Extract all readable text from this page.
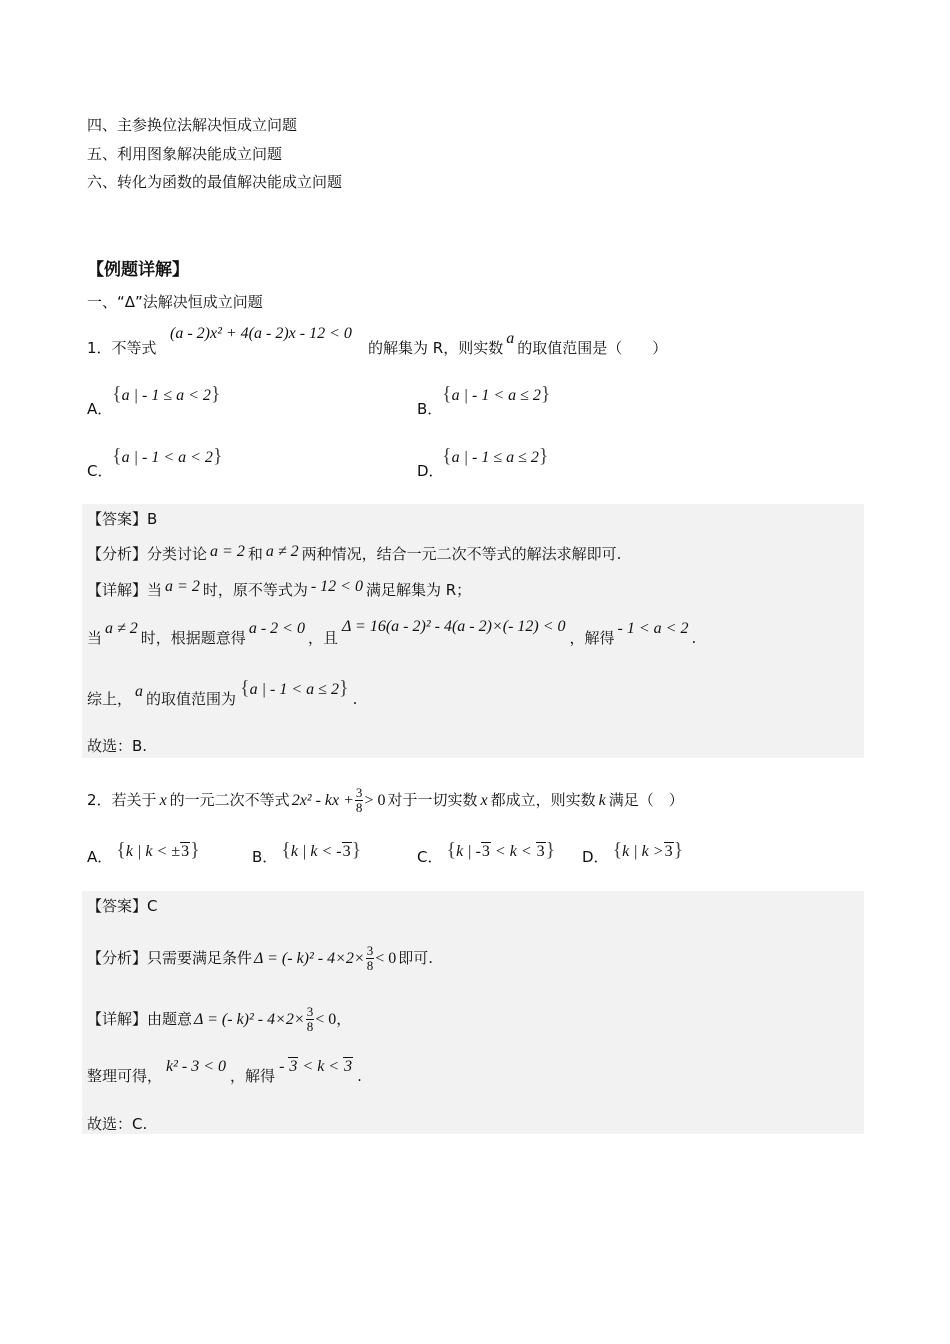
四、主参换位法解决恒成立问题
五、利用图象解决能成立问题
六、转化为函数的最值解决能成立问题
【例题详解】
一、“Δ”法解决恒成立问题
1．不等式
(a - 2)x² + 4(a - 2)x - 12 < 0
的解集为 R，则实数a的取值范围是（　　）
A．
{a | - 1 ≤ a < 2}
B．
{a | - 1 < a ≤ 2}
C．
{a | - 1 < a < 2}
D．
{a | - 1 ≤ a ≤ 2}
【答案】B
【分析】分类讨论 a = 2 和 a ≠ 2 两种情况，结合一元二次不等式的解法求解即可.
【详解】当 a = 2 时，原不等式为 - 12 < 0 满足解集为 R；
当a ≠ 2时，根据题意得a - 2 < 0，且Δ = 16(a - 2)² - 4(a - 2)×(- 12) < 0，解得- 1 < a < 2.
综上， a 的取值范围为 {a | - 1 < a ≤ 2} .
故选：B.
2．若关于 x 的一元二次不等式 2x² - kx + $\frac{3}{8} > 0$ 对于一切实数 x 都成立，则实数 k 满足（　）
A． {k | k < ±3}	B． {k | k < -3}	C． {k | -3 < k < 3} D． {k | k >3}
【答案】C
【分析】只需要满足条件 Δ = (- $k)^2 - 4\times 2\times \frac{3}{8} < 0$ 即可.
【详解】由题意 Δ = (- $k)^2 - 4\times 2\times \frac{3}{8} < 0$，
整理可得，k² - 3 < 0，解得- 3 < k < 3.
故选：C.
